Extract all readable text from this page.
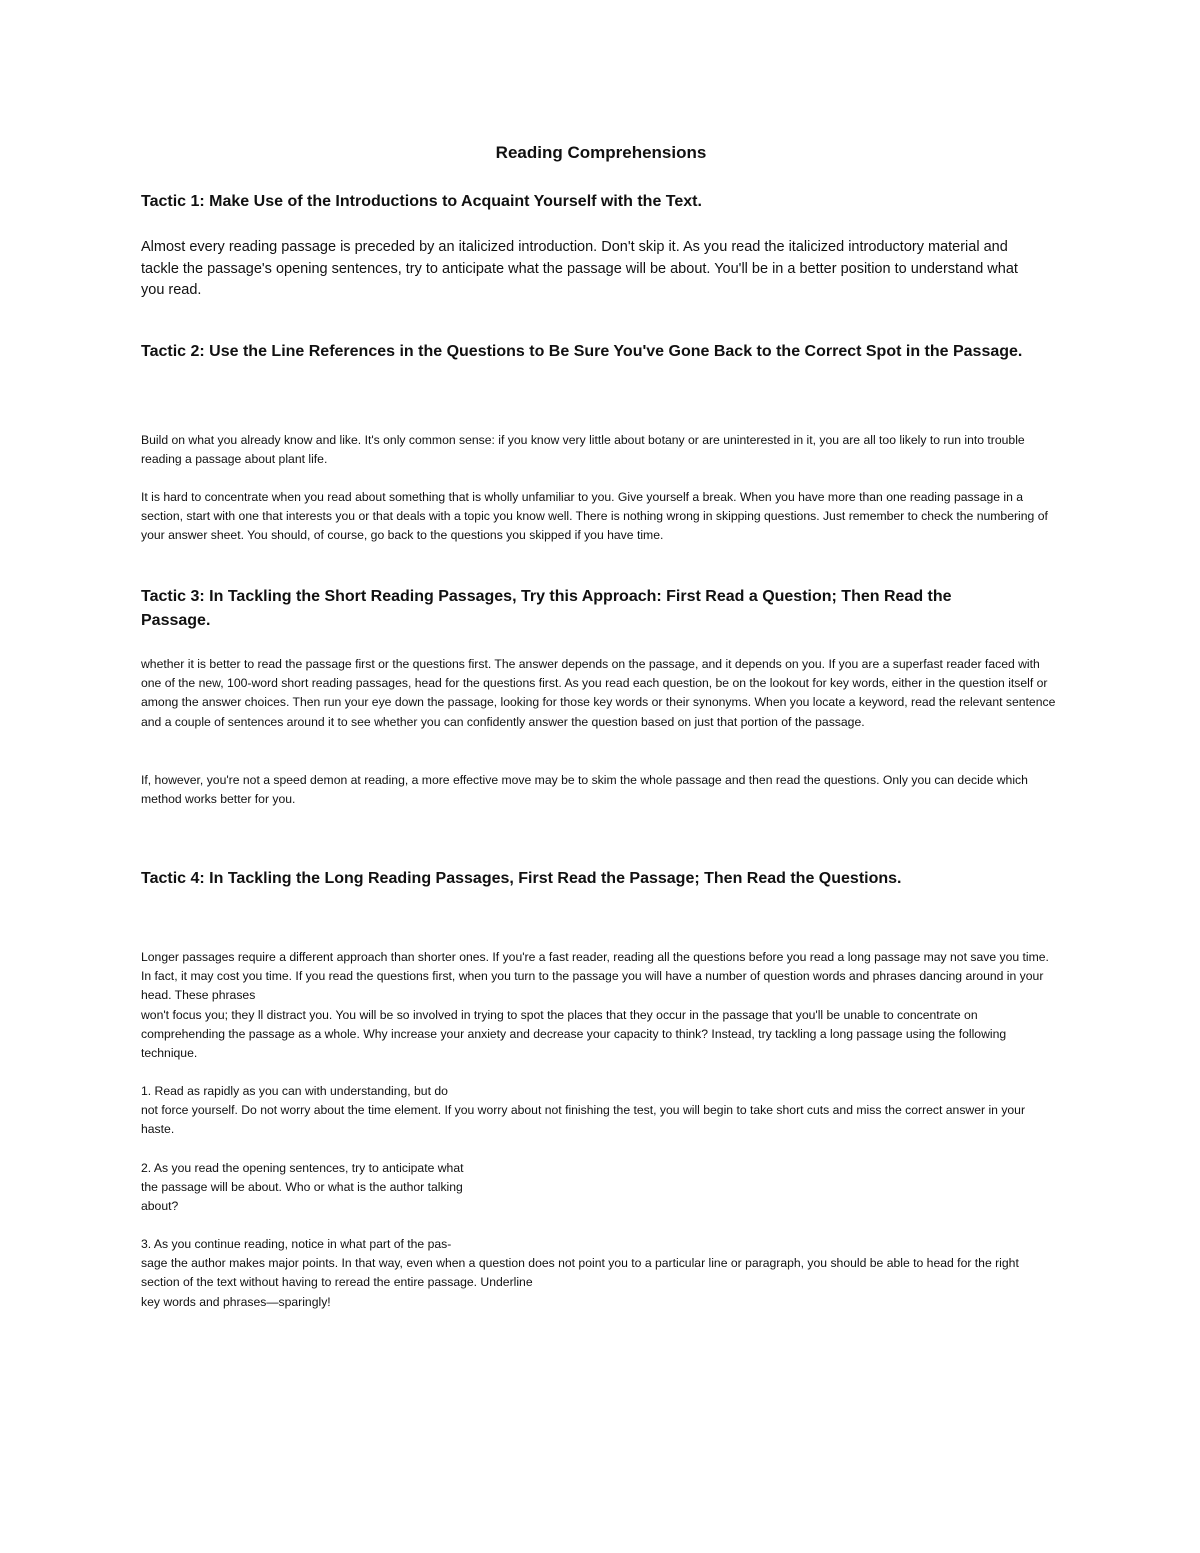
Reading Comprehensions
Tactic 1: Make Use of the Introductions to Acquaint Yourself with the Text.

Almost every reading passage is preceded by an italicized introduction. Don't skip it. As you read the italicized introductory material and tackle the passage's opening sentences, try to anticipate what the passage will be about. You'll be in a better position to understand what you read.

Tactic 2: Use the Line References in the Questions to Be Sure You've Gone Back to the Correct Spot in the Passage.

Build on what you already know and like. It's only common sense: if you know very little about botany or are uninterested in it, you are all too likely to run into trouble reading a passage about plant life.

It is hard to concentrate when you read about something that is wholly unfamiliar to you. Give yourself a break. When you have more than one reading passage in a section, start with one that interests you or that deals with a topic you know well. There is nothing wrong in skipping questions. Just remember to check the numbering of your answer sheet. You should, of course, go back to the questions you skipped if you have time.

Tactic 3: In Tackling the Short Reading Passages, Try this Approach: First Read a Question; Then Read the Passage.

whether it is better to read the passage first or the questions first. The answer depends on the passage, and it depends on you. If you are a superfast reader faced with one of the new, 100-word short reading passages, head for the questions first. As you read each question, be on the lookout for key words, either in the question itself or among the answer choices. Then run your eye down the passage, looking for those key words or their synonyms. When you locate a keyword, read the relevant sentence and a couple of sentences around it to see whether you can confidently answer the question based on just that portion of the passage.

If, however, you're not a speed demon at reading, a more effective move may be to skim the whole passage and then read the questions. Only you can decide which method works better for you.

Tactic 4: In Tackling the Long Reading Passages, First Read the Passage; Then Read the Questions.

Longer passages require a different approach than shorter ones. If you're a fast reader, reading all the questions before you read a long passage may not save you time. In fact, it may cost you time. If you read the questions first, when you turn to the passage you will have a number of question words and phrases dancing around in your head. These phrases
won't focus you; they ll distract you. You will be so involved in trying to spot the places that they occur in the passage that you'll be unable to concentrate on comprehending the passage as a whole. Why increase your anxiety and decrease your capacity to think? Instead, try tackling a long passage using the following technique.

1. Read as rapidly as you can with understanding, but do
not force yourself. Do not worry about the time element. If you worry about not finishing the test, you will begin to take short cuts and miss the correct answer in your haste.

2. As you read the opening sentences, try to anticipate what
the passage will be about. Who or what is the author talking
about?

3. As you continue reading, notice in what part of the pas-
sage the author makes major points. In that way, even when a question does not point you to a particular line or paragraph, you should be able to head for the right section of the text without having to reread the entire passage. Underline
key words and phrases—sparingly!
